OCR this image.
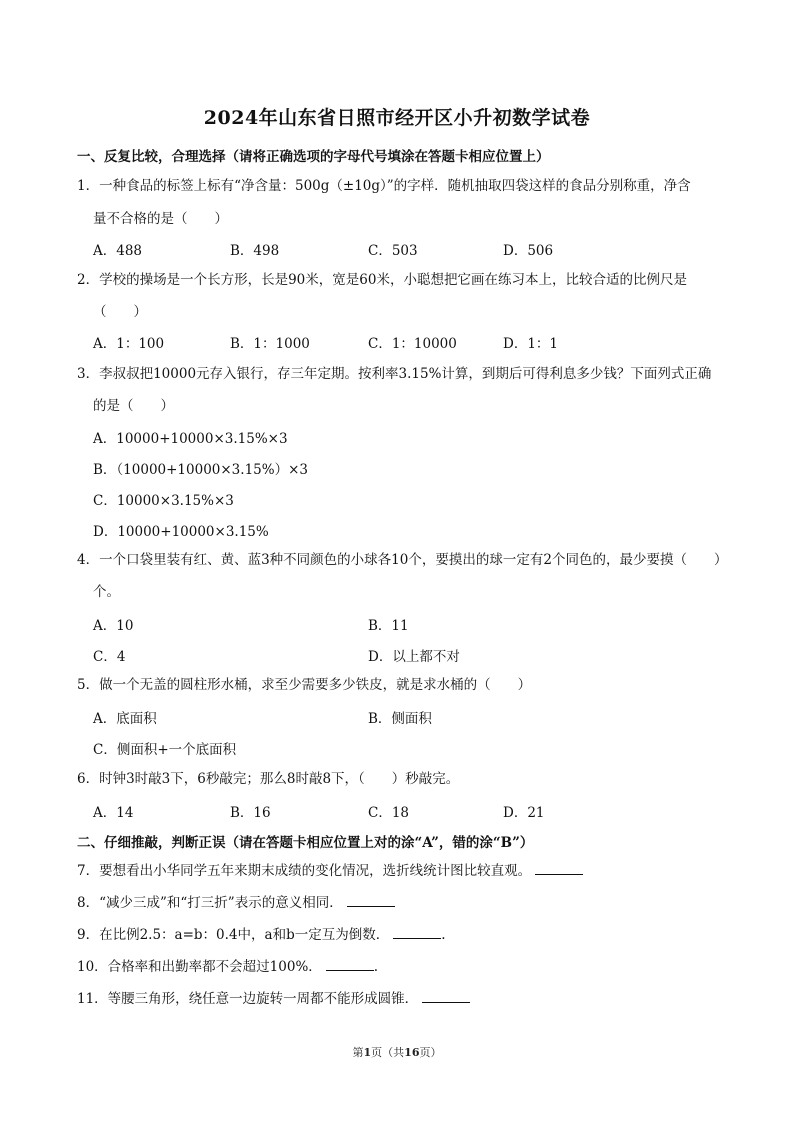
2024年山东省日照市经开区小升初数学试卷
一、反复比较，合理选择（请将正确选项的字母代号填涂在答题卡相应位置上）
1．一种食品的标签上标有“净含量：500g（±10g）”的字样．随机抽取四袋这样的食品分别称重，净含
量不合格的是（　　）
A．488	B．498	C．503	D．506
2．学校的操场是一个长方形，长是90米，宽是60米，小聪想把它画在练习本上，比较合适的比例尺是
（　　）
A．1：100	B．1：1000	C．1：10000	D．1：1
3．李叔叔把10000元存入银行，存三年定期。按利率3.15%计算，到期后可得利息多少钱？下面列式正确
的是（　　）
A．10000+10000×3.15%×3
B．（10000+10000×3.15%）×3
C．10000×3.15%×3
D．10000+10000×3.15%
4．一个口袋里装有红、黄、蓝3种不同颜色的小球各10个，要摸出的球一定有2个同色的，最少要摸（　　）
个。
A．10	B．11
C．4	D．以上都不对
5．做一个无盖的圆柱形水桶，求至少需要多少铁皮，就是求水桶的（　　）
A．底面积	B．侧面积
C．侧面积+一个底面积
6．时钟3时敲3下，6秒敲完；那么8时敲8下，（　　）秒敲完。
A．14	B．16	C．18	D．21
二、仔细推敲，判断正误（请在答题卡相应位置上对的涂“A”，错的涂“B”）
7．要想看出小华同学五年来期末成绩的变化情况，选折线统计图比较直观。
8．“减少三成”和“打三折”表示的意义相同．
9．在比例2.5：a=b：0.4中，a和b一定互为倒数．	.
10．合格率和出勤率都不会超过100%．	.
11．等腰三角形，绕任意一边旋转一周都不能形成圆锥．
第1页（共16页）
